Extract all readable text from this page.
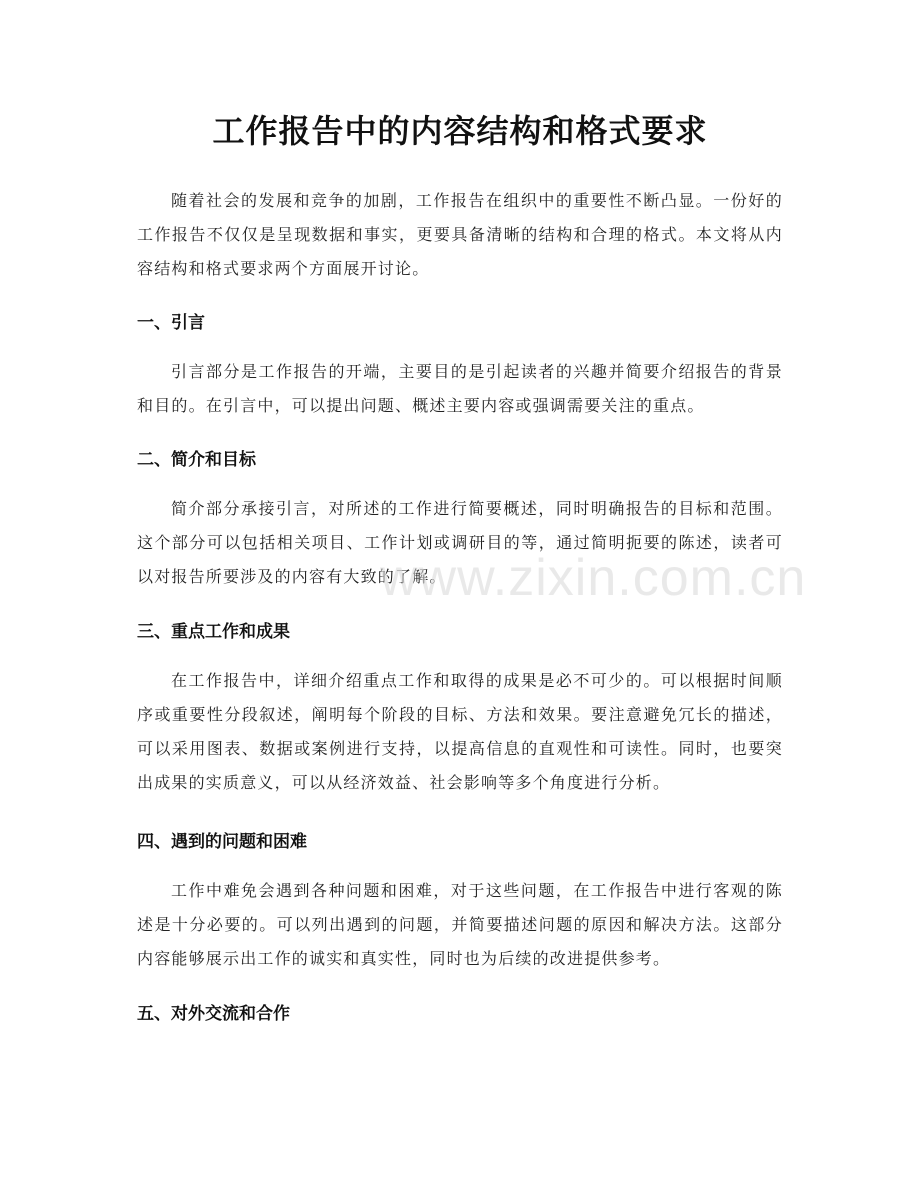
工作报告中的内容结构和格式要求
随着社会的发展和竞争的加剧，工作报告在组织中的重要性不断凸显。一份好的工作报告不仅仅是呈现数据和事实，更要具备清晰的结构和合理的格式。本文将从内容结构和格式要求两个方面展开讨论。
一、引言
引言部分是工作报告的开端，主要目的是引起读者的兴趣并简要介绍报告的背景和目的。在引言中，可以提出问题、概述主要内容或强调需要关注的重点。
二、简介和目标
简介部分承接引言，对所述的工作进行简要概述，同时明确报告的目标和范围。这个部分可以包括相关项目、工作计划或调研目的等，通过简明扼要的陈述，读者可以对报告所要涉及的内容有大致的了解。
三、重点工作和成果
在工作报告中，详细介绍重点工作和取得的成果是必不可少的。可以根据时间顺序或重要性分段叙述，阐明每个阶段的目标、方法和效果。要注意避免冗长的描述，可以采用图表、数据或案例进行支持，以提高信息的直观性和可读性。同时，也要突出成果的实质意义，可以从经济效益、社会影响等多个角度进行分析。
四、遇到的问题和困难
工作中难免会遇到各种问题和困难，对于这些问题，在工作报告中进行客观的陈述是十分必要的。可以列出遇到的问题，并简要描述问题的原因和解决方法。这部分内容能够展示出工作的诚实和真实性，同时也为后续的改进提供参考。
五、对外交流和合作
www.zixin.com.cn
